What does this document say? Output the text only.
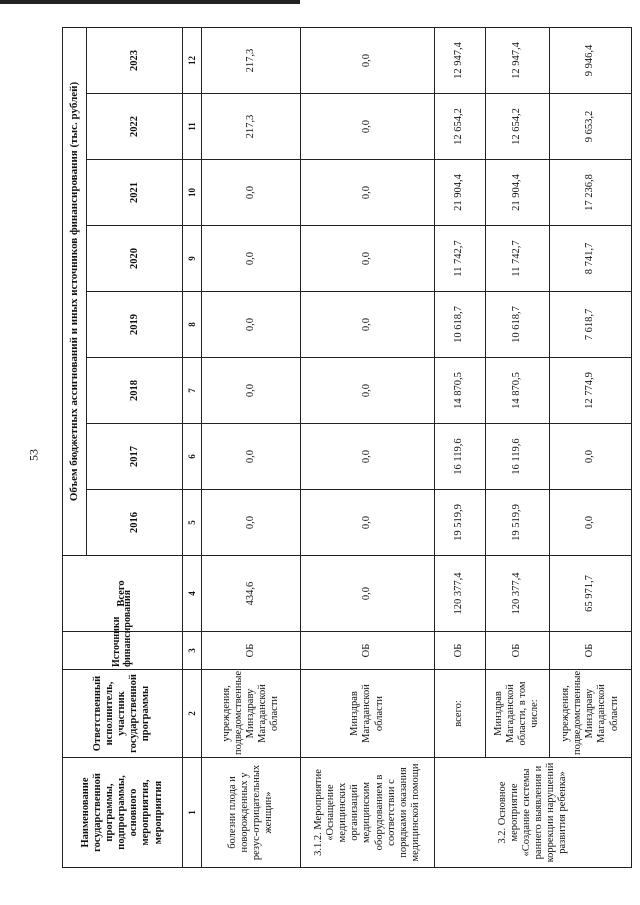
53
Наименование государственной программы, подпрограммы, основного мероприятия, мероприятия	Ответственный исполнитель, участник государственной программы	Источники финансирования	Всего	Объем бюджетных ассигнований и иных источников финансирования (тыс. рублей)							
				2016	2017	2018	2019	2020	2021	2022	2023
1	2	3	4	5	6	7	8	9	10	11	12
болезни плода и новорожденных у резус-отрицательных женщин»	учреждения, подведомственные Минздраву Магаданской области	ОБ	434,6	0,0	0,0	0,0	0,0	0,0	0,0	217,3	217,3
3.1.2. Мероприятие «Оснащение медицинских организаций медицинским оборудованием в соответствии с порядками оказания медицинской помощи	Минздрав Магаданской области	ОБ	0,0	0,0	0,0	0,0	0,0	0,0	0,0	0,0	0,0
3.2. Основное мероприятие «Создание системы раннего выявления и коррекции нарушений развития ребенка»	всего:	ОБ	120 377,4	19 519,9	16 119,6	14 870,5	10 618,7	11 742,7	21 904,4	12 654,2	12 947,4
	Минздрав Магаданской области, в том числе:	ОБ	120 377,4	19 519,9	16 119,6	14 870,5	10 618,7	11 742,7	21 904,4	12 654,2	12 947,4
	учреждения, подведомственные Минздраву Магаданской области	ОБ	65 971,7	0,0	0,0	12 774,9	7 618,7	8 741,7	17 236,8	9 653,2	9 946,4
